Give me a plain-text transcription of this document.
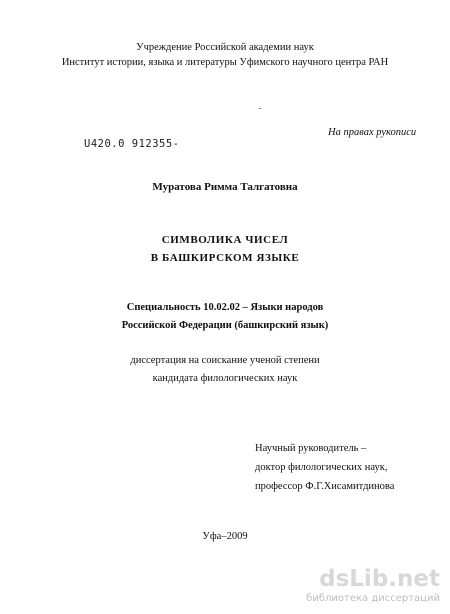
Учреждение Российской академии наук
Институт истории, языка и литературы Уфимского научного центра РАН
На правах рукописи
U420.0 912355-
Муратова Римма Талгатовна
СИМВОЛИКА ЧИСЕЛ
В БАШКИРСКОМ ЯЗЫКЕ
Специальность 10.02.02 – Языки народов
Российской Федерации (башкирский язык)
диссертация на соискание ученой степени
кандидата филологических наук
Научный руководитель –
доктор филологических наук,
профессор Ф.Г.Хисамитдинова
Уфа–2009
dsLib.net
библиотека диссертаций
